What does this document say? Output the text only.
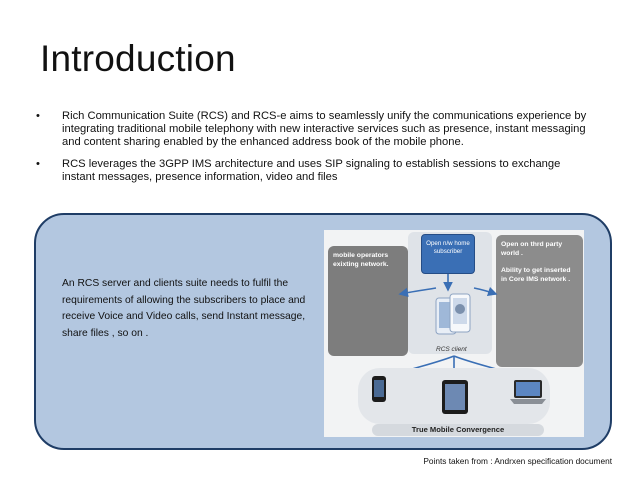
Introduction
• Rich Communication Suite (RCS) and RCS-e aims to seamlessly unify the communications experience by integrating traditional mobile telephony with new interactive services such as presence, instant messaging and content sharing enabled by the enhanced address book of the mobile phone.
• RCS leverages the 3GPP IMS architecture and uses SIP signaling to establish sessions to exchange instant messages, presence information, video and files
An RCS server and clients suite needs to fulfil the requirements of allowing the subscribers to place and receive Voice and Video calls, send Instant message, share files , so on .
mobile operators exixting network.
Open on thrd party world .
Ability to get inserted in Core IMS network .
Open n/w home subscriber
RCS client
True Mobile Convergence
Points taken from : Andrxen specification document
